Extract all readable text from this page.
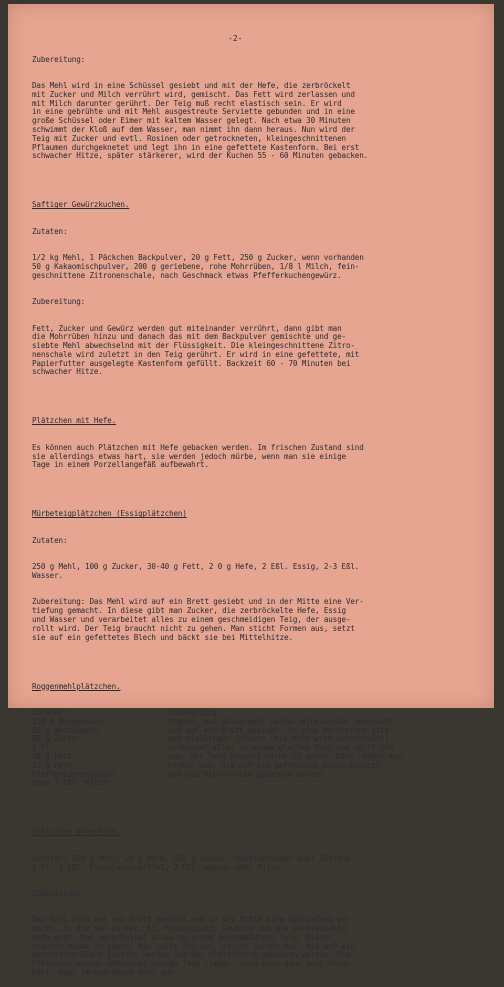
-2-

Zubereitung:

Das Mehl wird in eine Schüssel gesiebt und mit der Hefe, die zerbröckelt
mit Zucker und Milch verrührt wird, gemischt. Das Fett wird zerlassen und
mit Milch darunter gerührt. Der Teig muß recht elastisch sein. Er wird
in eine gebrühte und mit Mehl ausgestreute Serviette gebunden und in eine
große Schüssel oder Eimer mit kaltem Wasser gelegt. Nach etwa 30 Minuten
schwimmt der Kloß auf dem Wasser, man nimmt ihn dann heraus. Nun wird der
Teig mit Zucker und evtl. Rosinen oder getrockneten, kleingeschnittenen
Pflaumen durchgeknetet und legt ihn in eine gefettete Kastenform. Bei erst
schwacher Hitze, später stärkerer, wird der Kuchen 55 - 60 Minuten gebacken.

Saftiger Gewürzkuchen.

Zutaten:

1/2 kg Mehl, 1 Päckchen Backpulver, 20 g Fett, 250 g Zucker, wenn vorhanden
50 g Kakaomischpulver, 200 g geriebene, rohe Mohrrüben, 1/8 l Milch, fein-
geschnittene Zitronenschale, nach Geschmack etwas Pfefferkuchengewürz.

Zubereitung:

Fett, Zucker und Gewürz werden gut miteinander verrührt, dann gibt man
die Mohrrüben hinzu und danach das mit dem Backpulver gemischte und ge-
siebte Mehl abwechselnd mit der Flüssigkeit. Die kleingeschnittene Zitro-
nenschale wird zuletzt in den Teig gerührt. Er wird in eine gefettete, mit
Papierfutter ausgelegte Kastenform gefüllt. Backzeit 60 - 70 Minuten bei
schwacher Hitze.

Plätzchen mit Hefe.

Es können auch Plätzchen mit Hefe gebacken werden. Im frischen Zustand sind
sie allerdings etwas hart, sie werden jedoch mürbe, wenn man sie einige
Tage in einem Porzellangefäß aufbewahrt.

Mürbeteigplätzchen (Essigplätzchen)

Zutaten:

250 g Mehl, 100 g Zucker, 30-40 g Fett, 2 0 g Hefe, 2 Eßl. Essig, 2-3 Eßl.
Wasser.

Zubereitung: Das Mehl wird auf ein Brett gesiebt und in der Mitte eine Ver-
tiefung gemacht. In diese gibt man Zucker, die zerbröckelte Hefe, Essig
und Wasser und verarbeitet alles zu einem geschmeidigen Teig, der ausge-
rollt wird. Der Teig braucht nicht zu gehen. Man sticht Formen aus, setzt
sie auf ein gefettetes Blech und bäckt sie bei Mittelhitze.

Roggenmehlplätzchen.

Zutaten:
150 g Roggenmehl
50 g Weizenmehl
80 g Zucker
1 Ei
30 g Fett
15 g Hefe
Pfefferkuchengewürz
etwa 3 Eßl. Milch.
Zubereitung:
Roggen- und Weizenmehl werden miteinander vermischt
und auf ein Brett gesiebt. In eine Vertiefung gibt
man dieübrigen Zutaten (die Hefe wird zerbröckelt)
verknetet alles zu einem glatten Teig und rollt ihn
aus. Der Teig braucht nicht zu gehen. Dann rädert man
Formen aus, die auf ein gefettetes Blech gesetzt
und bei Mittelhitze gebacken werden.

Plätzchen ohne Fett.

Zutaten: 250 g Mehl, 20 g Hefe, 125 g Zucker, Vanillezucker oder Zitrone,
1 Ei, 1 Eßl. Eiaustauschmittel, 2 Eßl. Wasser oder Milch.

Zubereitung:

Das Mehl wird auf ein Brett gesiebt und in der Mitte eine Vertiefung ge-
macht, in die man Zucker, Ei, Flüssigkeit, Gewürze und die zerbröckelte
Hefe gibt. Man verarbeitet alles zu einem geschmeidigen Teig. Dieser
braucht nicht zu gehen. Man rollt ihn aus, sticht Formen aus, die auf ein
gefettetes Blech gesetzt werden und bei Mittelhitze gebacken werden. Die
Plätzchen müssen unbedingt einige Tage liegen, sind auch dann noch etwas
hart, aber im Geschmack sehr gut.
